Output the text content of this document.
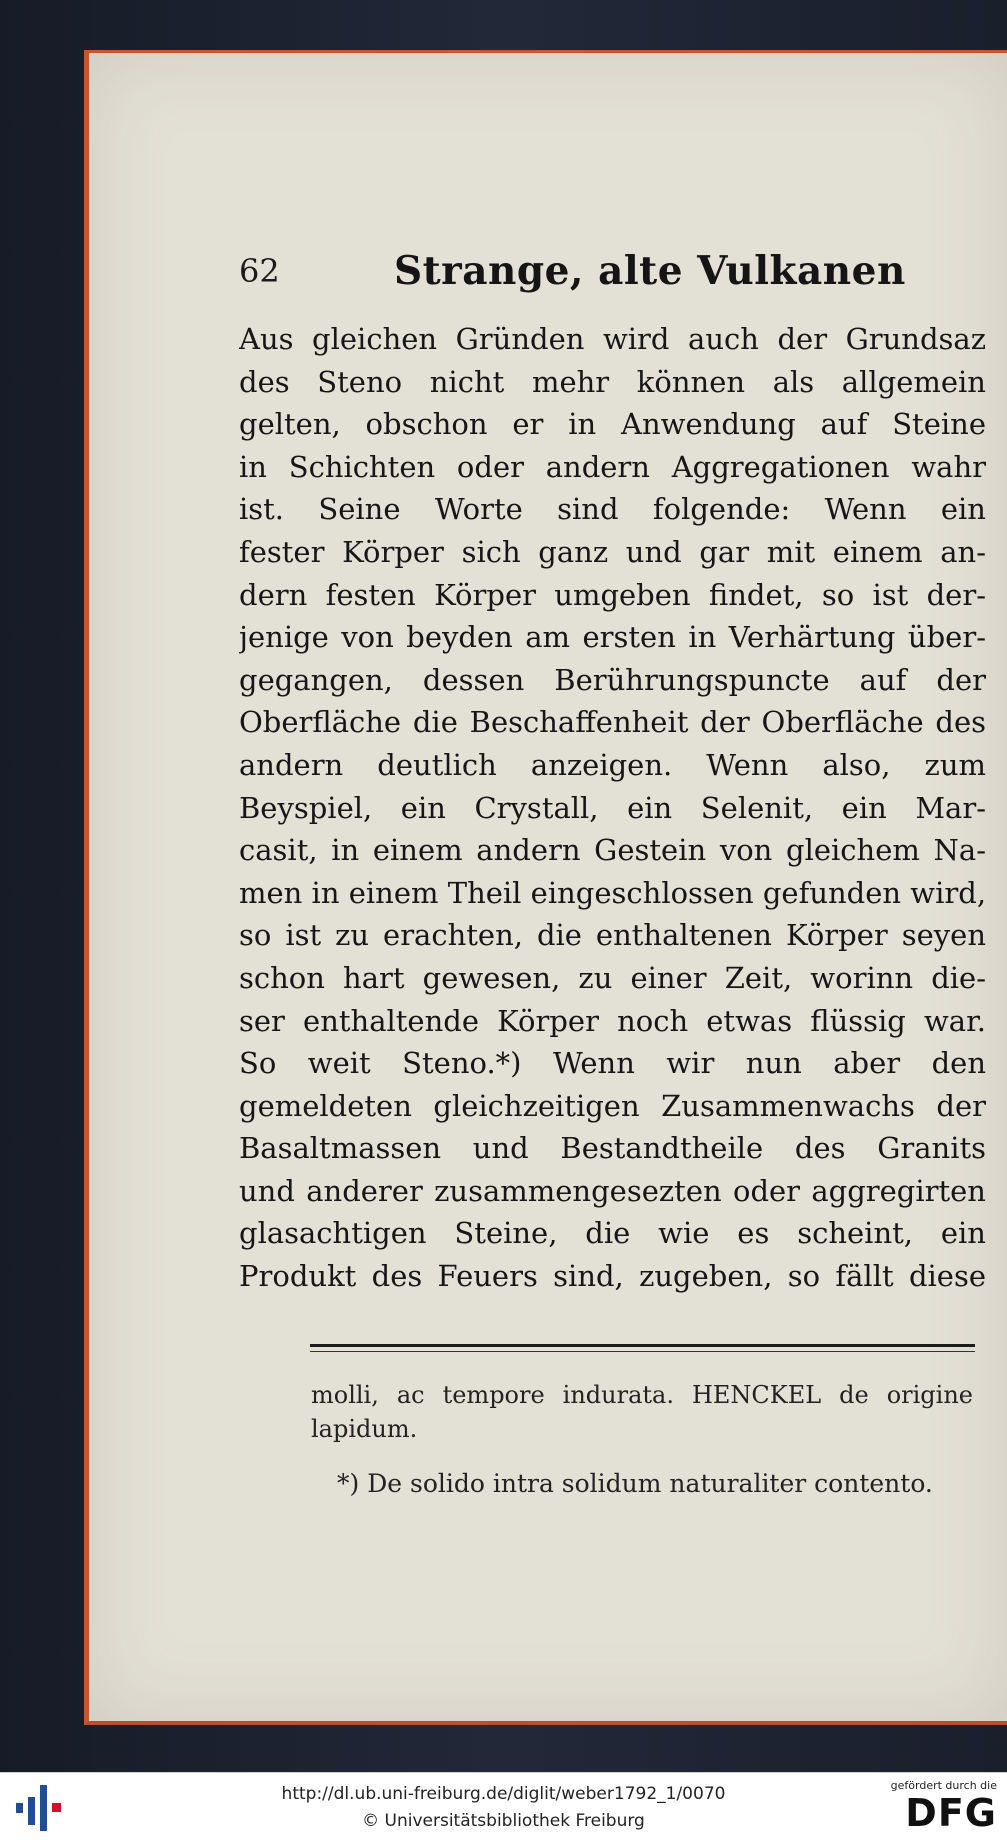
62	Strange, alte Vulkanen
Aus gleichen Gründen wird auch der Grundsaz
des Steno nicht mehr können als allgemein
gelten, obschon er in Anwendung auf Steine
in Schichten oder andern Aggregationen wahr
ist. Seine Worte sind folgende: Wenn ein
fester Körper sich ganz und gar mit einem an-
dern festen Körper umgeben findet, so ist der-
jenige von beyden am ersten in Verhärtung über-
gegangen, dessen Berührungspuncte auf der
Oberfläche die Beschaffenheit der Oberfläche des
andern deutlich anzeigen. Wenn also, zum
Beyspiel, ein Crystall, ein Selenit, ein Mar-
casit, in einem andern Gestein von gleichem Na-
men in einem Theil eingeschlossen gefunden wird,
so ist zu erachten, die enthaltenen Körper seyen
schon hart gewesen, zu einer Zeit, worinn die-
ser enthaltende Körper noch etwas flüssig war.
So weit Steno.*) Wenn wir nun aber den
gemeldeten gleichzeitigen Zusammenwachs der
Basaltmassen und Bestandtheile des Granits
und anderer zusammengesezten oder aggregirten
glasachtigen Steine, die wie es scheint, ein
Produkt des Feuers sind, zugeben, so fällt diese
molli, ac tempore indurata. HENCKEL de origine
lapidum.
*) De solido intra solidum naturaliter contento.
http://dl.ub.uni-freiburg.de/diglit/weber1792_1/0070
© Universitätsbibliothek Freiburg
gefördert durch die
DFG
